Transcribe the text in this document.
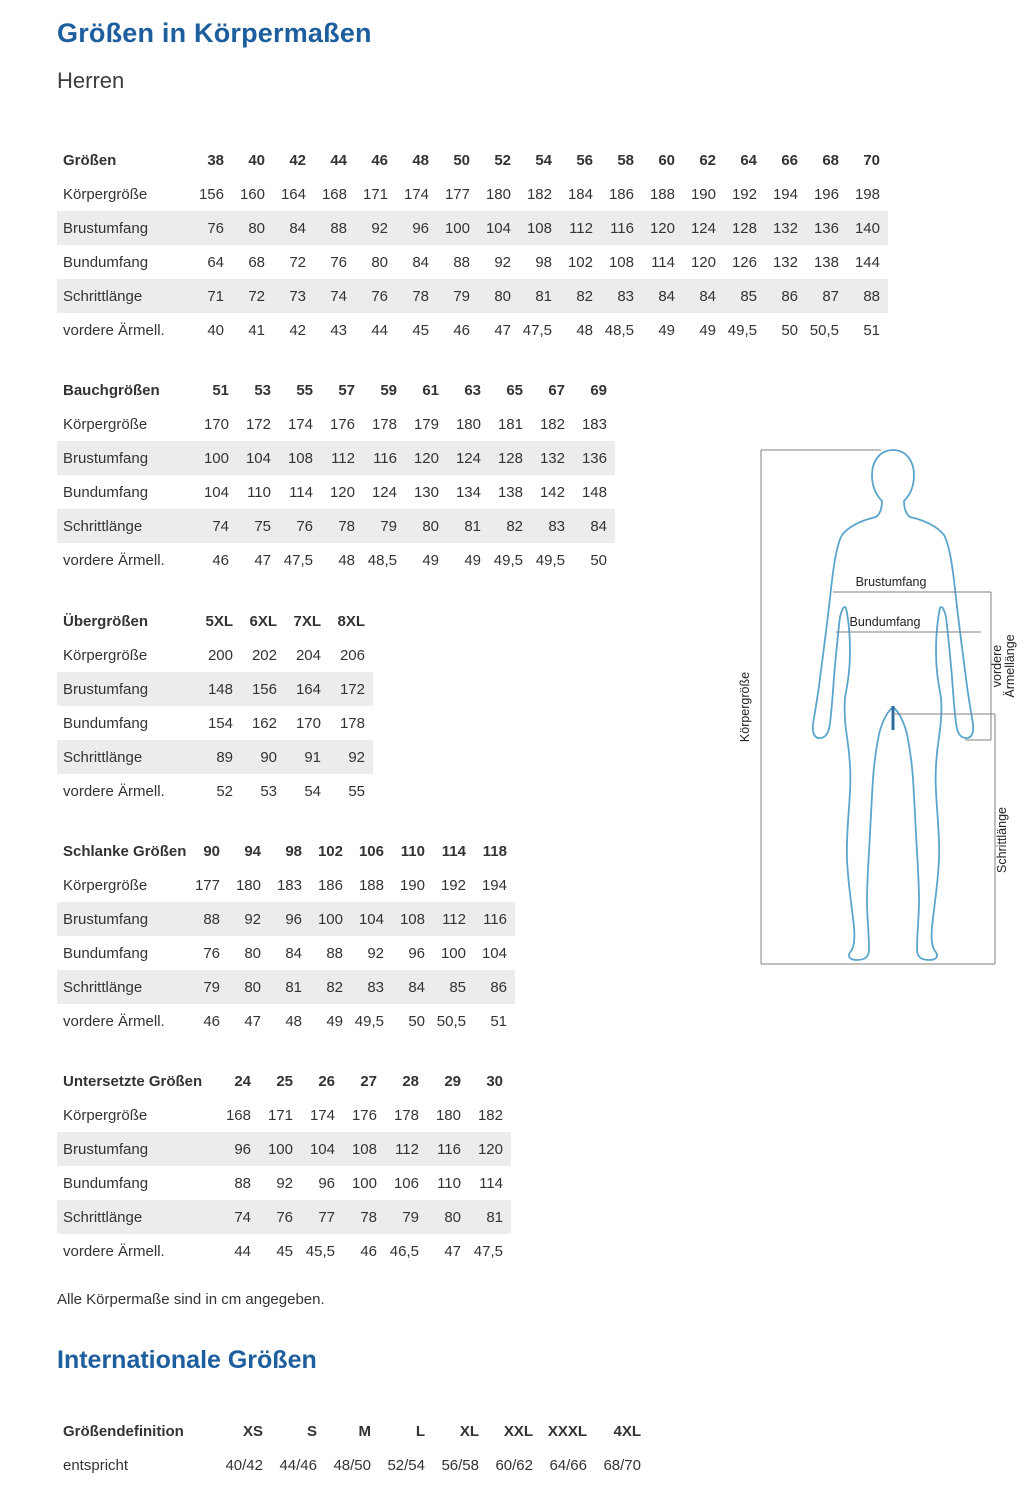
Größen in Körpermaßen
Herren
Größen	38	40	42	44	46	48	50	52	54	56	58	60	62	64	66	68	70
Körpergröße	156	160	164	168	171	174	177	180	182	184	186	188	190	192	194	196	198
Brustumfang	76	80	84	88	92	96	100	104	108	112	116	120	124	128	132	136	140
Bundumfang	64	68	72	76	80	84	88	92	98	102	108	114	120	126	132	138	144
Schrittlänge	71	72	73	74	76	78	79	80	81	82	83	84	84	85	86	87	88
vordere Ärmell.	40	41	42	43	44	45	46	47	47,5	48	48,5	49	49	49,5	50	50,5	51
Bauchgrößen	51	53	55	57	59	61	63	65	67	69
Körpergröße	170	172	174	176	178	179	180	181	182	183
Brustumfang	100	104	108	112	116	120	124	128	132	136
Bundumfang	104	110	114	120	124	130	134	138	142	148
Schrittlänge	74	75	76	78	79	80	81	82	83	84
vordere Ärmell.	46	47	47,5	48	48,5	49	49	49,5	49,5	50
Übergrößen	5XL	6XL	7XL	8XL
Körpergröße	200	202	204	206
Brustumfang	148	156	164	172
Bundumfang	154	162	170	178
Schrittlänge	89	90	91	92
vordere Ärmell.	52	53	54	55
Schlanke Größen	90	94	98	102	106	110	114	118
Körpergröße	177	180	183	186	188	190	192	194
Brustumfang	88	92	96	100	104	108	112	116
Bundumfang	76	80	84	88	92	96	100	104
Schrittlänge	79	80	81	82	83	84	85	86
vordere Ärmell.	46	47	48	49	49,5	50	50,5	51
Untersetzte Größen	24	25	26	27	28	29	30
Körpergröße	168	171	174	176	178	180	182
Brustumfang	96	100	104	108	112	116	120
Bundumfang	88	92	96	100	106	110	114
Schrittlänge	74	76	77	78	79	80	81
vordere Ärmell.	44	45	45,5	46	46,5	47	47,5
Alle Körpermaße sind in cm angegeben.
Internationale Größen
Größendefinition	XS	S	M	L	XL	XXL	XXXL	4XL
entspricht	40/42	44/46	48/50	52/54	56/58	60/62	64/66	68/70
Körpergröße
Brustumfang
Bundumfang
vordere Ärmellänge
Schrittlänge
